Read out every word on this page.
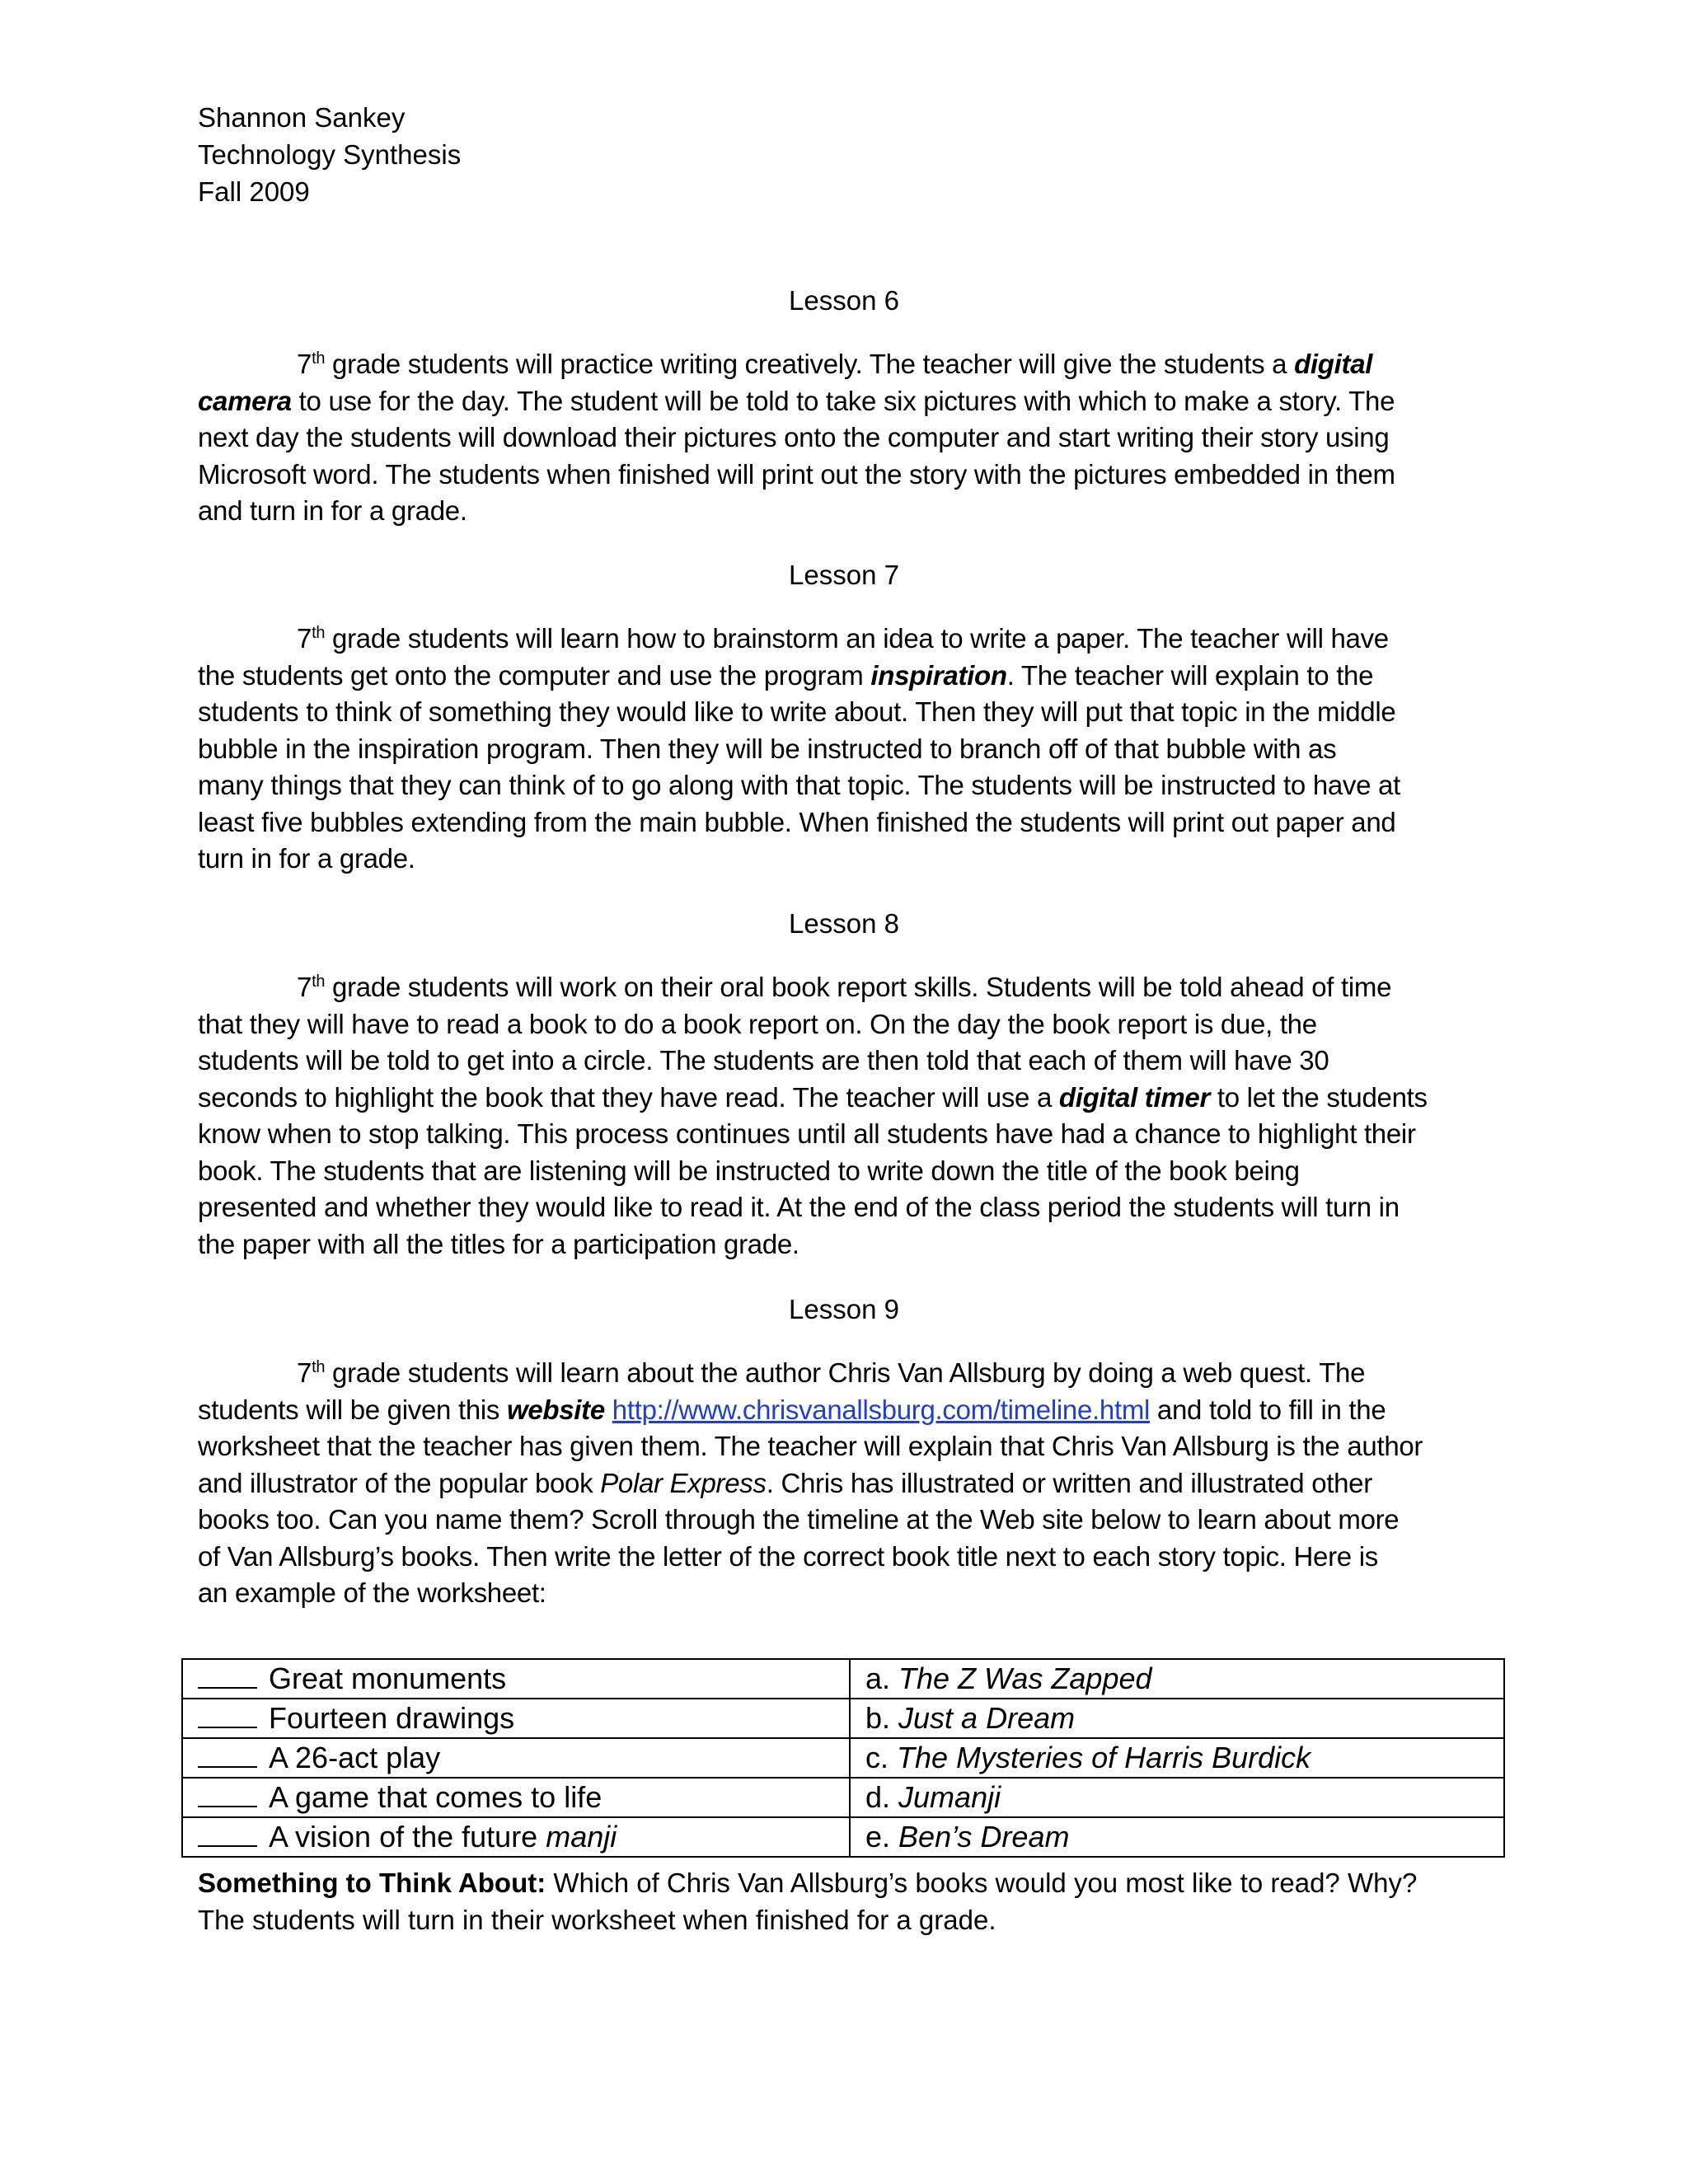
Shannon Sankey
Technology Synthesis
Fall 2009
Lesson 6
7th grade students will practice writing creatively. The teacher will give the students a digital
camera to use for the day. The student will be told to take six pictures with which to make a story. The
next day the students will download their pictures onto the computer and start writing their story using
Microsoft word. The students when finished will print out the story with the pictures embedded in them
and turn in for a grade.
Lesson 7
7th grade students will learn how to brainstorm an idea to write a paper. The teacher will have
the students get onto the computer and use the program inspiration. The teacher will explain to the
students to think of something they would like to write about. Then they will put that topic in the middle
bubble in the inspiration program. Then they will be instructed to branch off of that bubble with as
many things that they can think of to go along with that topic. The students will be instructed to have at
least five bubbles extending from the main bubble. When finished the students will print out paper and
turn in for a grade.
Lesson 8
7th grade students will work on their oral book report skills. Students will be told ahead of time
that they will have to read a book to do a book report on. On the day the book report is due, the
students will be told to get into a circle. The students are then told that each of them will have 30
seconds to highlight the book that they have read. The teacher will use a digital timer to let the students
know when to stop talking. This process continues until all students have had a chance to highlight their
book. The students that are listening will be instructed to write down the title of the book being
presented and whether they would like to read it. At the end of the class period the students will turn in
the paper with all the titles for a participation grade.
Lesson 9
7th grade students will learn about the author Chris Van Allsburg by doing a web quest. The
students will be given this website http://www.chrisvanallsburg.com/timeline.html and told to fill in the
worksheet that the teacher has given them. The teacher will explain that Chris Van Allsburg is the author
and illustrator of the popular book Polar Express. Chris has illustrated or written and illustrated other
books too. Can you name them? Scroll through the timeline at the Web site below to learn about more
of Van Allsburg’s books. Then write the letter of the correct book title next to each story topic. Here is
an example of the worksheet:
Great monuments	a. The Z Was Zapped
Fourteen drawings	b. Just a Dream
A 26-act play	c. The Mysteries of Harris Burdick
A game that comes to life	d. Jumanji
A vision of the future manji	e. Ben’s Dream
Something to Think About: Which of Chris Van Allsburg’s books would you most like to read? Why?
The students will turn in their worksheet when finished for a grade.
